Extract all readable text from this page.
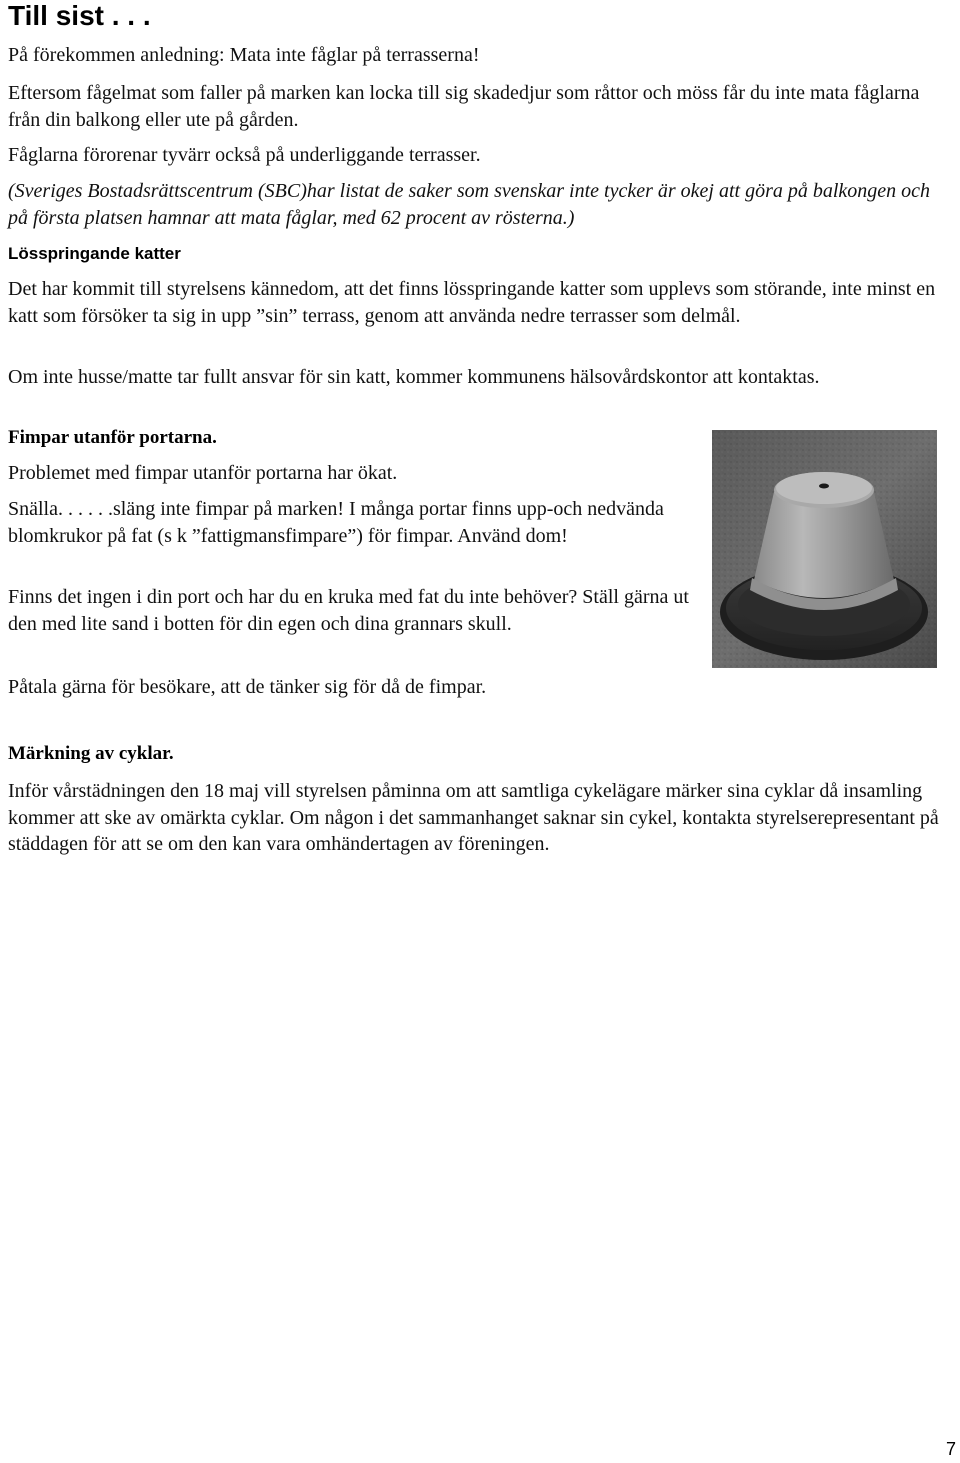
Till sist . . .

På förekommen anledning: Mata inte fåglar på terrasserna!

Eftersom fågelmat som faller på marken kan locka till sig skadedjur som råttor och möss får du inte mata fåglarna från din balkong eller ute på gården.

Fåglarna förorenar tyvärr också på underliggande terrasser.

(Sveriges Bostadsrättscentrum (SBC)har listat de saker som svenskar inte tycker är okej att göra på balkongen och på första platsen hamnar att mata fåglar, med 62 procent av rösterna.)

Lösspringande katter

Det har kommit till styrelsens kännedom, att det finns lösspringande katter som upplevs som störande, inte minst en katt som försöker ta sig in upp ”sin” terrass, genom att använda nedre terrasser som delmål.

Om inte husse/matte tar fullt ansvar för sin katt, kommer kommunens hälsovårdskontor att kontaktas.

Fimpar utanför portarna.

Problemet med fimpar utanför portarna har ökat.

Snälla. . . . . .släng inte fimpar på marken! I många portar finns upp-och nedvända blomkrukor på fat (s k ”fattigmansfimpare”) för fimpar. Använd dom!

Finns det ingen i din port och har du en kruka med fat du inte behöver? Ställ gärna ut den med lite sand i botten för din egen och dina grannars skull.

Påtala gärna för besökare, att de tänker sig för då de fimpar.

Märkning av cyklar.

Inför vårstädningen den 18 maj vill styrelsen påminna om att samtliga cykelägare märker sina cyklar då insamling kommer att ske av omärkta cyklar. Om någon i det sammanhanget saknar sin cykel, kontakta styrelserepresentant på städdagen för att se om den kan vara omhändertagen av föreningen.

7
